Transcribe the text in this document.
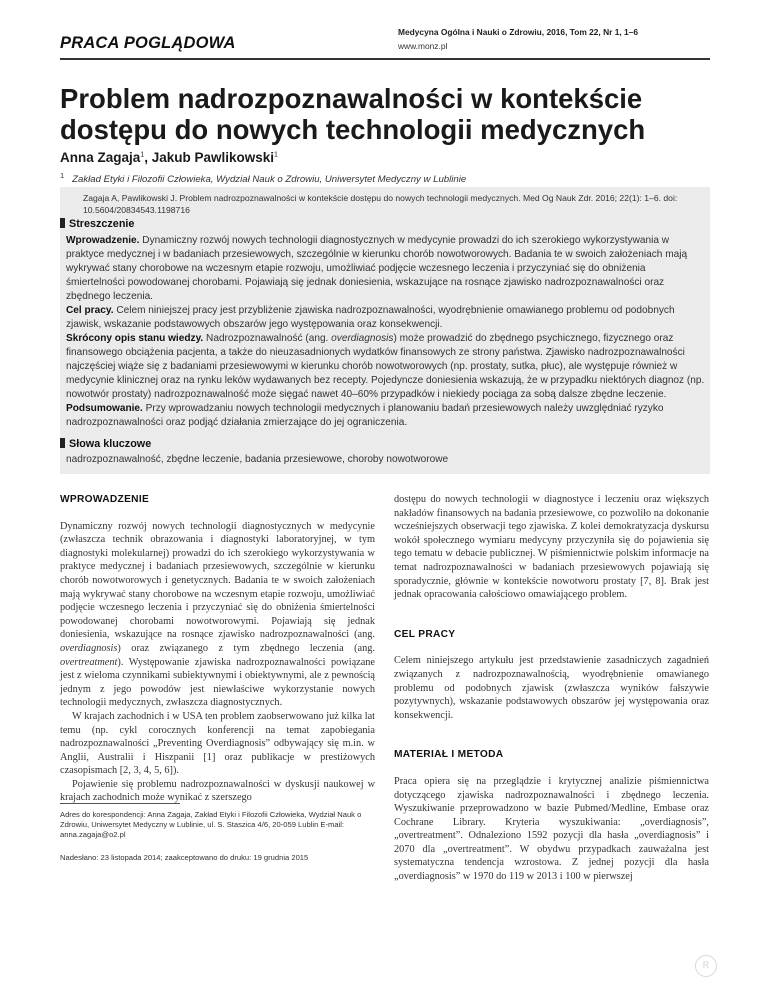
PRACA POGLĄDOWA
Medycyna Ogólna i Nauki o Zdrowiu, 2016, Tom 22, Nr 1, 1–6
www.monz.pl
Problem nadrozpoznawalności w kontekście
dostępu do nowych technologii medycznych
Anna Zagaja$^1$, Jakub Pawlikowski$^1$
$^1$ Zakład Etyki i Filozofii Człowieka, Wydział Nauk o Zdrowiu, Uniwersytet Medyczny w Lublinie
Zagaja A, Pawlikowski J. Problem nadrozpoznawalności w kontekście dostępu do nowych technologii medycznych. Med Og Nauk Zdr. 2016; 22(1): 1–6. doi: 10.5604/20834543.1198716
Streszczenie

Wprowadzenie. Dynamiczny rozwój nowych technologii diagnostycznych w medycynie prowadzi do ich szerokiego wykorzystywania w praktyce medycznej i w badaniach przesiewowych, szczególnie w kierunku chorób nowotworowych. Badania te w swoich założeniach mają wykrywać stany chorobowe na wczesnym etapie rozwoju, umożliwiać podjęcie wczesnego leczenia i przyczyniać się do obniżenia śmiertelności powodowanej chorobami. Pojawiają się jednak doniesienia, wskazujące na rosnące zjawisko nadrozpoznawalności oraz zbędnego leczenia.

Cel pracy. Celem niniejszej pracy jest przybliżenie zjawiska nadrozpoznawalności, wyodrębnienie omawianego problemu od podobnych zjawisk, wskazanie podstawowych obszarów jego występowania oraz konsekwencji.

Skrócony opis stanu wiedzy. Nadrozpoznawalność (ang. overdiagnosis) może prowadzić do zbędnego psychicznego, fizycznego oraz finansowego obciążenia pacjenta, a także do nieuzasadnionych wydatków finansowych ze strony państwa. Zjawisko nadrozpoznawalności najczęściej wiąże się z badaniami przesiewowymi w kierunku chorób nowotworowych (np. prostaty, sutka, płuc), ale występuje również w medycynie klinicznej oraz na rynku leków wydawanych bez recepty. Pojedyncze doniesienia wskazują, że w przypadku niektórych diagnoz (np. nowotwór prostaty) nadrozpoznawalność może sięgać nawet 40–60% przypadków i niekiedy pociąga za sobą dalsze zbędne leczenie.

Podsumowanie. Przy wprowadzaniu nowych technologii medycznych i planowaniu badań przesiewowych należy uwzględniać ryzyko nadrozpoznawalności oraz podjąć działania zmierzające do jej ograniczenia.

Słowa kluczowe
nadrozpoznawalność, zbędne leczenie, badania przesiewowe, choroby nowotworowe
WPROWADZENIE

Dynamiczny rozwój nowych technologii diagnostycznych w medycynie (zwłaszcza technik obrazowania i diagnostyki laboratoryjnej, w tym diagnostyki molekularnej) prowadzi do ich szerokiego wykorzystywania w praktyce medycznej i badaniach przesiewowych, szczególnie w kierunku chorób nowotworowych i genetycznych. Badania te w swoich założeniach mają wykrywać stany chorobowe na wczesnym etapie rozwoju, umożliwiać podjęcie wczesnego leczenia i przyczyniać się do obniżenia śmiertelności powodowanej chorobami nowotworowymi. Pojawiają się jednak doniesienia, wskazujące na rosnące zjawisko nadrozpoznawalności (ang. overdiagnosis) oraz związanego z tym zbędnego leczenia (ang. overtreatment). Występowanie zjawiska nadrozpoznawalności powiązane jest z wieloma czynnikami subiektywnymi i obiektywnymi, ale z pewnością jednym z jego powodów jest niewłaściwe wykorzystanie nowych technologii medycznych, zwłaszcza diagnostycznych.

W krajach zachodnich i w USA ten problem zaobserwowano już kilka lat temu (np. cykl corocznych konferencji na temat zapobiegania nadrozpoznawalności „Preventing Overdiagnosis” odbywający się m.in. w Anglii, Australii i Hiszpanii [1] oraz publikacje w prestiżowych czasopismach [2, 3, 4, 5, 6]).

Pojawienie się problemu nadrozpoznawalności w dyskusji naukowej w krajach zachodnich może wynikać z szerszego

Adres do korespondencji: Anna Zagaja, Zakład Etyki i Filozofii Człowieka, Wydział Nauk o Zdrowiu, Uniwersytet Medyczny w Lublinie, ul. S. Staszica 4/6, 20-059 Lublin E-mail: anna.zagaja@o2.pl
Nadesłano: 23 listopada 2014; zaakceptowano do druku: 19 grudnia 2015

dostępu do nowych technologii w diagnostyce i leczeniu oraz większych nakładów finansowych na badania przesiewowe, co pozwoliło na dokonanie wcześniejszych obserwacji tego zjawiska. Z kolei demokratyzacja dyskursu wokół społecznego wymiaru medycyny przyczyniła się do pojawienia się tego tematu w debacie publicznej. W piśmiennictwie polskim informacje na temat nadrozpoznawalności w badaniach przesiewowych pojawiają się sporadycznie, głównie w kontekście nowotworu prostaty [7, 8]. Brak jest jednak opracowania całościowo omawiającego problem.

CEL PRACY

Celem niniejszego artykułu jest przedstawienie zasadniczych zagadnień związanych z nadrozpoznawalnością, wyodrębnienie omawianego problemu od podobnych zjawisk (zwłaszcza wyników fałszywie pozytywnych), wskazanie podstawowych obszarów jej występowania oraz konsekwencji.

MATERIAŁ I METODA

Praca opiera się na przeglądzie i krytycznej analizie piśmiennictwa dotyczącego zjawiska nadrozpoznawalności i zbędnego leczenia. Wyszukiwanie przeprowadzono w bazie Pubmed/Medline, Embase oraz Cochrane Library. Kryteria wyszukiwania: „overdiagnosis”, „overtreatment”. Odnaleziono 1592 pozycji dla hasła „overdiagnosis” i 2070 dla „overtreatment”. W obydwu przypadkach zauważalna jest systematyczna tendencja wzrostowa. Z jednej pozycji dla hasła „overdiagnosis” w 1970 do 119 w 2013 i 100 w pierwszej

R
